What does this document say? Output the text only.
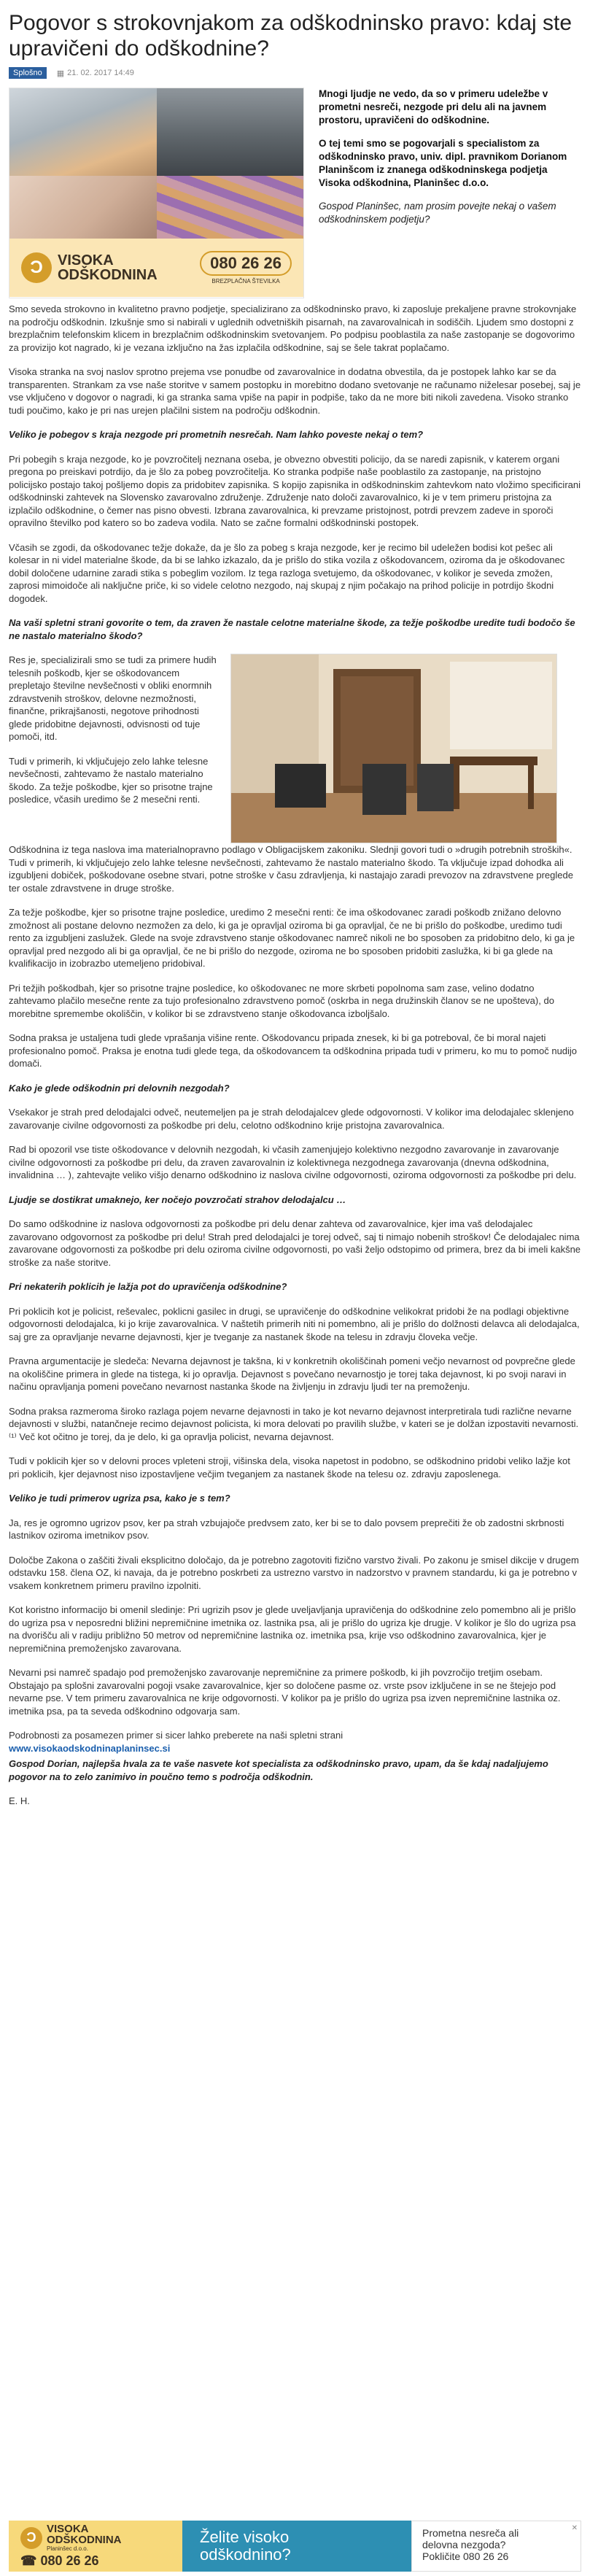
Pogovor s strokovnjakom za odškodninsko pravo: kdaj ste upravičeni do odškodnine?
Splošno	▦ 21. 02. 2017 14:49
Ɔ	VISOKA
ODŠKODNINA
080 26 26
BREZPLAČNA ŠTEVILKA

Mnogi ljudje ne vedo, da so v primeru udeležbe v prometni nesreči, nezgode pri delu ali na javnem prostoru, upravičeni do odškodnine.

O tej temi smo se pogovarjali s specialistom za odškodninsko pravo, univ. dipl. pravnikom Dorianom Planinšcom iz znanega odškodninskega podjetja Visoka odškodnina, Planinšec d.o.o.

Gospod Planinšec, nam prosim povejte nekaj o vašem odškodninskem podjetju?

Smo seveda strokovno in kvalitetno pravno podjetje, specializirano za odškodninsko pravo, ki zaposluje prekaljene pravne strokovnjake na področju odškodnin. Izkušnje smo si nabirali v uglednih odvetniških pisarnah, na zavarovalnicah in sodiščih. Ljudem smo dostopni z brezplačnim telefonskim klicem in brezplačnim odškodninskim svetovanjem. Po podpisu pooblastila za naše zastopanje se dogovorimo za provizijo kot nagrado, ki je vezana izključno na žas izplačila odškodnine, saj se šele takrat poplačamo.

Visoka stranka na svoj naslov sprotno prejema vse ponudbe od zavarovalnice in dodatna obvestila, da je postopek lahko kar se da transparenten. Strankam za vse naše storitve v samem postopku in morebitno dodano svetovanje ne računamo niželesar posebej, saj je vse vključeno v dogovor o nagradi, ki ga stranka sama vpiše na papir in podpiše, tako da ne more biti nikoli zavedena. Visoko stranko tudi poučimo, kako je pri nas urejen plačilni sistem na področju odškodnin.

Veliko je pobegov s kraja nezgode pri prometnih nesrečah. Nam lahko poveste nekaj o tem?

Pri pobegih s kraja nezgode, ko je povzročitelj neznana oseba, je obvezno obvestiti policijo, da se naredi zapisnik, v katerem organi pregona po preiskavi potrdijo, da je šlo za pobeg povzročitelja. Ko stranka podpiše naše pooblastilo za zastopanje, na pristojno policijsko postajo takoj pošljemo dopis za pridobitev zapisnika. S kopijo zapisnika in odškodninskim zahtevkom nato vložimo specificirani odškodninski zahtevek na Slovensko zavarovalno združenje. Združenje nato določi zavarovalnico, ki je v tem primeru pristojna za izplačilo odškodnine, o čemer nas pisno obvesti. Izbrana zavarovalnica, ki prevzame pristojnost, potrdi prevzem zadeve in sporoči opravilno številko pod katero so bo zadeva vodila. Nato se začne formalni odškodninski postopek.

Včasih se zgodi, da oškodovanec težje dokaže, da je šlo za pobeg s kraja nezgode, ker je recimo bil udeležen bodisi kot pešec ali kolesar in ni videl materialne škode, da bi se lahko izkazalo, da je prišlo do stika vozila z oškodovancem, oziroma da je oškodovanec dobil določene udarnine zaradi stika s pobeglim vozilom. Iz tega razloga svetujemo, da oškodovanec, v kolikor je seveda zmožen, zaprosi mimoidoče ali naključne priče, ki so videle celotno nezgodo, naj skupaj z njim počakajo na prihod policije in potrdijo škodni dogodek.

Na vaši spletni strani govorite o tem, da zraven že nastale celotne materialne škode, za težje poškodbe uredite tudi bodočo še ne nastalo materialno škodo?

Res je, specializirali smo se tudi za primere hudih telesnih poškodb, kjer se oškodovancem prepletajo številne nevšečnosti v obliki enormnih zdravstvenih stroškov, delovne nezmožnosti, finančne, prikrajšanosti, negotove prihodnosti glede pridobitne dejavnosti, odvisnosti od tuje pomoči, itd.

Tudi v primerih, ki vključujejo zelo lahke telesne nevšečnosti, zahtevamo že nastalo materialno škodo. Za težje poškodbe, kjer so prisotne trajne posledice, včasih uredimo še 2 mesečni renti.

Odškodnina iz tega naslova ima materialnopravno podlago v Obligacijskem zakoniku. Slednji govori tudi o »drugih potrebnih stroških«. Tudi v primerih, ki vključujejo zelo lahke telesne nevšečnosti, zahtevamo že nastalo materialno škodo. Ta vključuje izpad dohodka ali izgubljeni dobiček, poškodovane osebne stvari, potne stroške v času zdravljenja, ki nastajajo zaradi prevozov na zdravstvene preglede ter ostale zdravstvene in druge stroške.

Za težje poškodbe, kjer so prisotne trajne posledice, uredimo 2 mesečni renti: če ima oškodovanec zaradi poškodb znižano delovno zmožnost ali postane delovno nezmožen za delo, ki ga je opravljal oziroma bi ga opravljal, če ne bi prišlo do poškodbe, uredimo tudi rento za izgubljeni zaslužek. Glede na svoje zdravstveno stanje oškodovanec namreč nikoli ne bo sposoben za pridobitno delo, ki ga je opravljal pred nezgodo ali bi ga opravljal, če ne bi prišlo do nezgode, oziroma ne bo sposoben pridobiti zaslužka, ki bi ga glede na kvalifikacijo in izobrazbo utemeljeno pridobival.

Pri težjih poškodbah, kjer so prisotne trajne posledice, ko oškodovanec ne more skrbeti popolnoma sam zase, velino dodatno zahtevamo plačilo mesečne rente za tujo profesionalno zdravstveno pomoč (oskrba in nega družinskih članov se ne upošteva), do morebitne spremembe okoliščin, v kolikor bi se zdravstveno stanje oškodovanca izboljšalo.

Sodna praksa je ustaljena tudi glede vprašanja višine rente. Oškodovancu pripada znesek, ki bi ga potreboval, če bi moral najeti profesionalno pomoč. Praksa je enotna tudi glede tega, da oškodovancem ta odškodnina pripada tudi v primeru, ko mu to pomoč nudijo domači.

Kako je glede odškodnin pri delovnih nezgodah?

Vsekakor je strah pred delodajalci odveč, neutemeljen pa je strah delodajalcev glede odgovornosti. V kolikor ima delodajalec sklenjeno zavarovanje civilne odgovornosti za poškodbe pri delu, celotno odškodnino krije pristojna zavarovalnica.

Rad bi opozoril vse tiste oškodovance v delovnih nezgodah, ki včasih zamenjujejo kolektivno nezgodno zavarovanje in zavarovanje civilne odgovornosti za poškodbe pri delu, da zraven zavarovalnin iz kolektivnega nezgodnega zavarovanja (dnevna odškodnina, invalidnina … ), zahtevajte veliko višjo denarno odškodnino iz naslova civilne odgovornosti, oziroma odgovornosti za poškodbe pri delu.

Ljudje se dostikrat umaknejo, ker nočejo povzročati strahov delodajalcu …

Do samo odškodnine iz naslova odgovornosti za poškodbe pri delu denar zahteva od zavarovalnice, kjer ima vaš delodajalec zavarovano odgovornost za poškodbe pri delu! Strah pred delodajalci je torej odveč, saj ti nimajo nobenih stroškov! Če delodajalec nima zavarovane odgovornosti za poškodbe pri delu oziroma civilne odgovornosti, po vaši željo odstopimo od primera, brez da bi imeli kakšne stroške za naše storitve.

Pri nekaterih poklicih je lažja pot do upravičenja odškodnine?

Pri poklicih kot je policist, reševalec, poklicni gasilec in drugi, se upravičenje do odškodnine velikokrat pridobi že na podlagi objektivne odgovornosti delodajalca, ki jo krije zavarovalnica. V naštetih primerih niti ni pomembno, ali je prišlo do dolžnosti delavca ali delodajalca, saj gre za opravljanje nevarne dejavnosti, kjer je tveganje za nastanek škode na telesu in zdravju človeka večje.

Pravna argumentacije je sledeča: Nevarna dejavnost je takšna, ki v konkretnih okoliščinah pomeni večjo nevarnost od povprečne glede na okoliščine primera in glede na tistega, ki jo opravlja. Dejavnost s povečano nevarnostjo je torej taka dejavnost, ki po svoji naravi in načinu opravljanja pomeni povečano nevarnost nastanka škode na življenju in zdravju ljudi ter na premoženju.

Sodna praksa razmeroma široko razlaga pojem nevarne dejavnosti in tako je kot nevarno dejavnost interpretirala tudi različne nevarne dejavnosti v službi, natančneje recimo dejavnost policista, ki mora delovati po pravilih službe, v kateri se je dolžan izpostaviti nevarnosti.⁽¹⁾ Več kot očitno je torej, da je delo, ki ga opravlja policist, nevarna dejavnost.

Tudi v poklicih kjer so v delovni proces vpleteni stroji, višinska dela, visoka napetost in podobno, se odškodnino pridobi veliko lažje kot pri poklicih, kjer dejavnost niso izpostavljene večjim tveganjem za nastanek škode na telesu oz. zdravju zaposlenega.

Veliko je tudi primerov ugriza psa, kako je s tem?

Ja, res je ogromno ugrizov psov, ker pa strah vzbujajoče predvsem zato, ker bi se to dalo povsem preprečiti že ob zadostni skrbnosti lastnikov oziroma imetnikov psov.

Določbe Zakona o zaščiti živali eksplicitno določajo, da je potrebno zagotoviti fizično varstvo živali. Po zakonu je smisel dikcije v drugem odstavku 158. člena OZ, ki navaja, da je potrebno poskrbeti za ustrezno varstvo in nadzorstvo v pravnem standardu, ki ga je potrebno v vsakem konkretnem primeru pravilno izpolniti.

Kot koristno informacijo bi omenil sledinje: Pri ugrizih psov je glede uveljavljanja upravičenja do odškodnine zelo pomembno ali je prišlo do ugriza psa v neposredni bližini nepremičnine imetnika oz. lastnika psa, ali je prišlo do ugriza kje drugje. V kolikor je šlo do ugriza psa na dvorišču ali v radiju približno 50 metrov od nepremičnine lastnika oz. imetnika psa, krije vso odškodnino zavarovalnica, kjer je nepremičnina premoženjsko zavarovana.

Nevarni psi namreč spadajo pod premoženjsko zavarovanje nepremičnine za primere poškodb, ki jih povzročijo tretjim osebam. Obstajajo pa splošni zavarovalni pogoji vsake zavarovalnice, kjer so določene pasme oz. vrste psov izključene in se ne štejejo pod nevarne pse. V tem primeru zavarovalnica ne krije odgovornosti. V kolikor pa je prišlo do ugriza psa izven nepremičnine lastnika oz. imetnika psa, pa ta seveda odškodnino odgovarja sam.

Podrobnosti za posamezen primer si sicer lahko preberete na naši spletni strani
www.visokaodskodninaplaninsec.si

Gospod Dorian, najlepša hvala za te vaše nasvete kot specialista za odškodninsko pravo, upam, da še kdaj nadaljujemo pogovor na to zelo zanimivo in poučno temo s področja odškodnin.

E. H.

Ɔ
VISOKA
ODŠKODNINA
Planinšec d.o.o.
☎ 080 26 26
Želite visoko
odškodnino?
✕
Prometna nesreča ali
delovna nezgoda?
Pokličite 080 26 26
